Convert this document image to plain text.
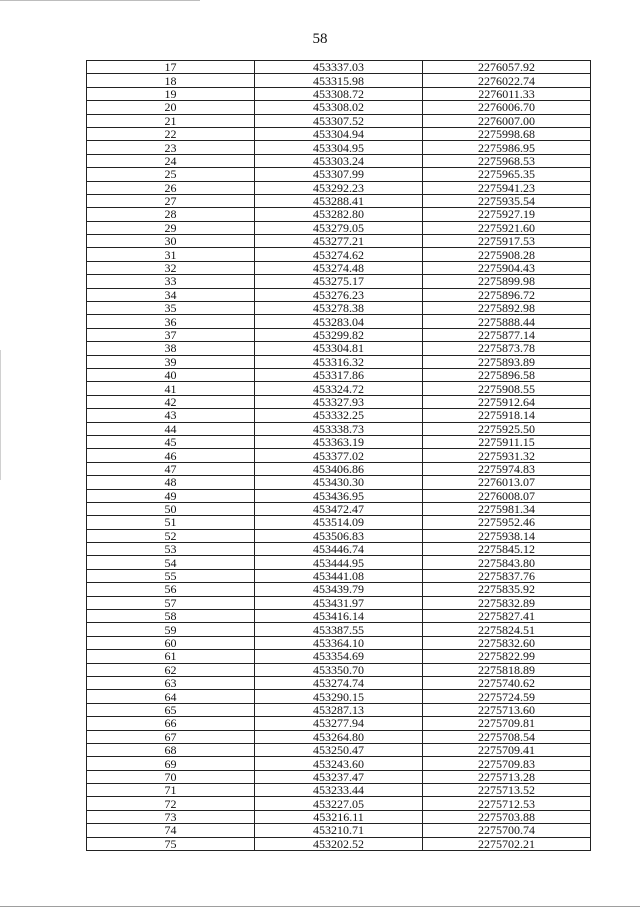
58
17	453337.03	2276057.92
18	453315.98	2276022.74
19	453308.72	2276011.33
20	453308.02	2276006.70
21	453307.52	2276007.00
22	453304.94	2275998.68
23	453304.95	2275986.95
24	453303.24	2275968.53
25	453307.99	2275965.35
26	453292.23	2275941.23
27	453288.41	2275935.54
28	453282.80	2275927.19
29	453279.05	2275921.60
30	453277.21	2275917.53
31	453274.62	2275908.28
32	453274.48	2275904.43
33	453275.17	2275899.98
34	453276.23	2275896.72
35	453278.38	2275892.98
36	453283.04	2275888.44
37	453299.82	2275877.14
38	453304.81	2275873.78
39	453316.32	2275893.89
40	453317.86	2275896.58
41	453324.72	2275908.55
42	453327.93	2275912.64
43	453332.25	2275918.14
44	453338.73	2275925.50
45	453363.19	2275911.15
46	453377.02	2275931.32
47	453406.86	2275974.83
48	453430.30	2276013.07
49	453436.95	2276008.07
50	453472.47	2275981.34
51	453514.09	2275952.46
52	453506.83	2275938.14
53	453446.74	2275845.12
54	453444.95	2275843.80
55	453441.08	2275837.76
56	453439.79	2275835.92
57	453431.97	2275832.89
58	453416.14	2275827.41
59	453387.55	2275824.51
60	453364.10	2275832.60
61	453354.69	2275822.99
62	453350.70	2275818.89
63	453274.74	2275740.62
64	453290.15	2275724.59
65	453287.13	2275713.60
66	453277.94	2275709.81
67	453264.80	2275708.54
68	453250.47	2275709.41
69	453243.60	2275709.83
70	453237.47	2275713.28
71	453233.44	2275713.52
72	453227.05	2275712.53
73	453216.11	2275703.88
74	453210.71	2275700.74
75	453202.52	2275702.21
